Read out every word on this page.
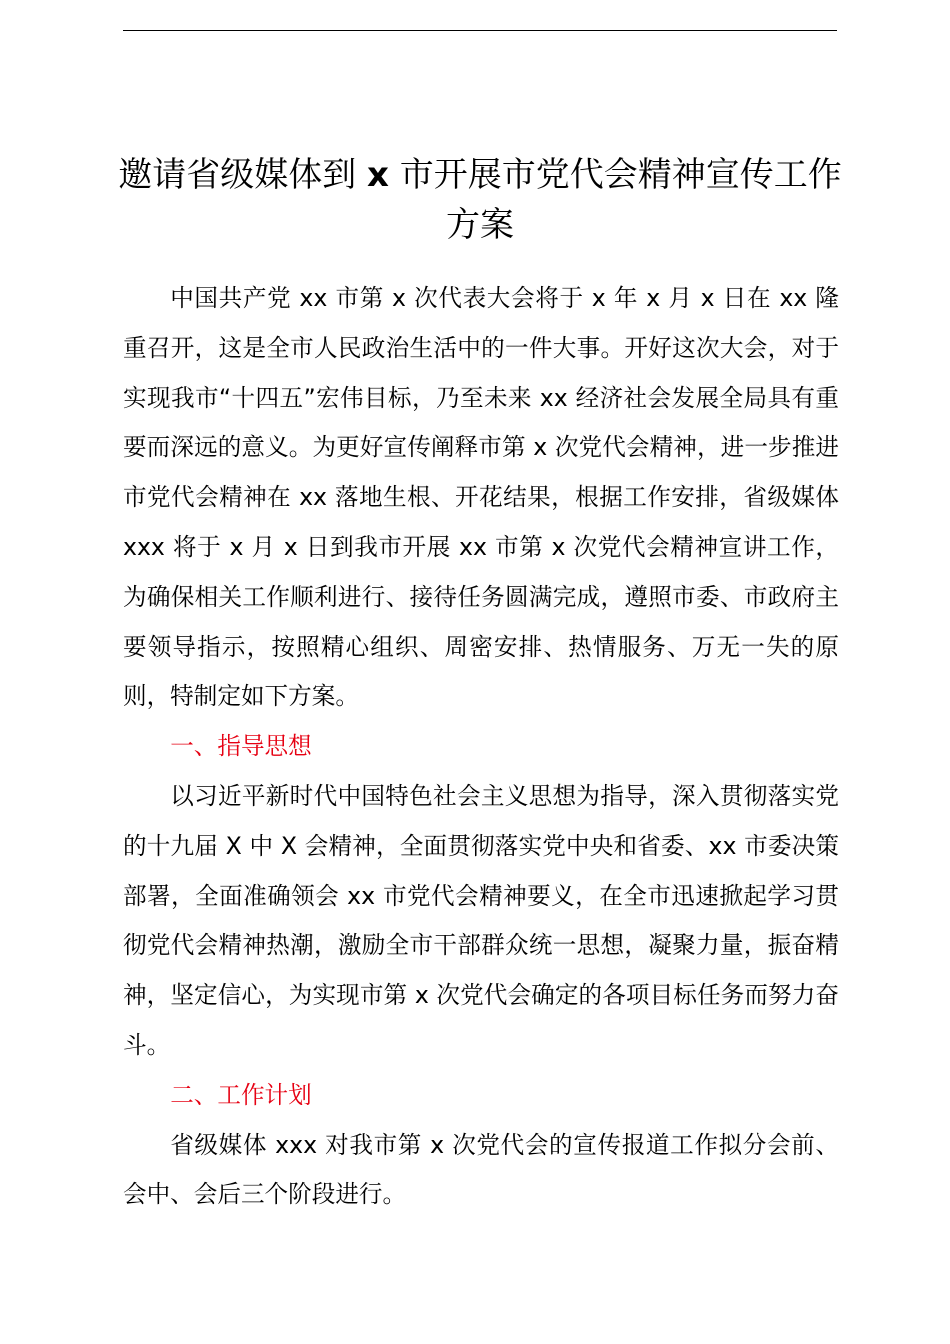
邀请省级媒体到 x 市开展市党代会精神宣传工作方案

中国共产党 xx 市第 x 次代表大会将于 x 年 x 月 x 日在 xx 隆重召开，这是全市人民政治生活中的一件大事。开好这次大会，对于实现我市“十四五”宏伟目标，乃至未来 xx 经济社会发展全局具有重要而深远的意义。为更好宣传阐释市第 x 次党代会精神，进一步推进市党代会精神在 xx 落地生根、开花结果，根据工作安排，省级媒体 xxx 将于 x 月 x 日到我市开展 xx 市第 x 次党代会精神宣讲工作，为确保相关工作顺利进行、接待任务圆满完成，遵照市委、市政府主要领导指示，按照精心组织、周密安排、热情服务、万无一失的原则，特制定如下方案。

一、指导思想

以习近平新时代中国特色社会主义思想为指导，深入贯彻落实党的十九届 X 中 X 会精神，全面贯彻落实党中央和省委、xx 市委决策部署，全面准确领会 xx 市党代会精神要义，在全市迅速掀起学习贯彻党代会精神热潮，激励全市干部群众统一思想，凝聚力量，振奋精神，坚定信心，为实现市第 x 次党代会确定的各项目标任务而努力奋斗。

二、工作计划

省级媒体 xxx 对我市第 x 次党代会的宣传报道工作拟分会前、会中、会后三个阶段进行。
